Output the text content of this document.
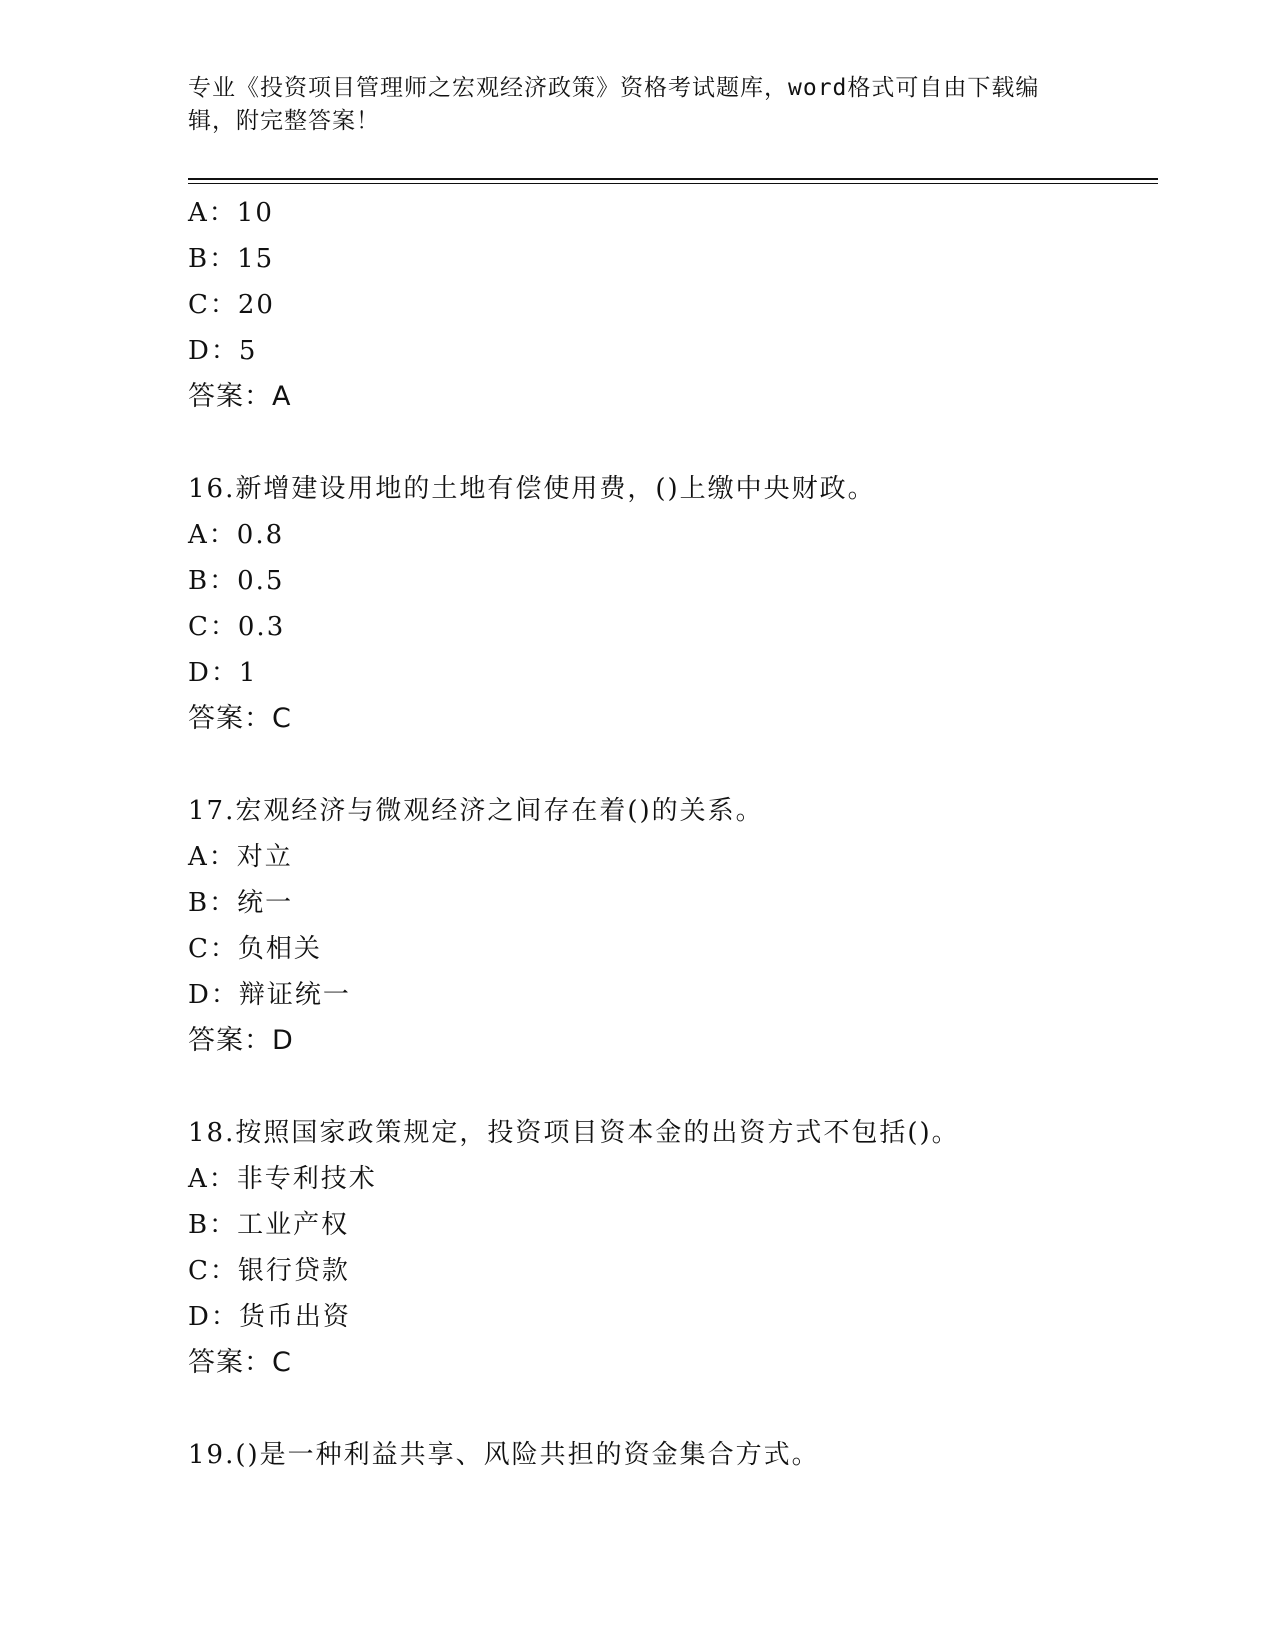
专业《投资项目管理师之宏观经济政策》资格考试题库，word格式可自由下载编
辑，附完整答案！
A：10
B：15
C：20
D：5
答案：A
16.新增建设用地的土地有偿使用费，()上缴中央财政。
A：0.8
B：0.5
C：0.3
D：1
答案：C
17.宏观经济与微观经济之间存在着()的关系。
A：对立
B：统一
C：负相关
D：辩证统一
答案：D
18.按照国家政策规定，投资项目资本金的出资方式不包括()。
A：非专利技术
B：工业产权
C：银行贷款
D：货币出资
答案：C
19.()是一种利益共享、风险共担的资金集合方式。
